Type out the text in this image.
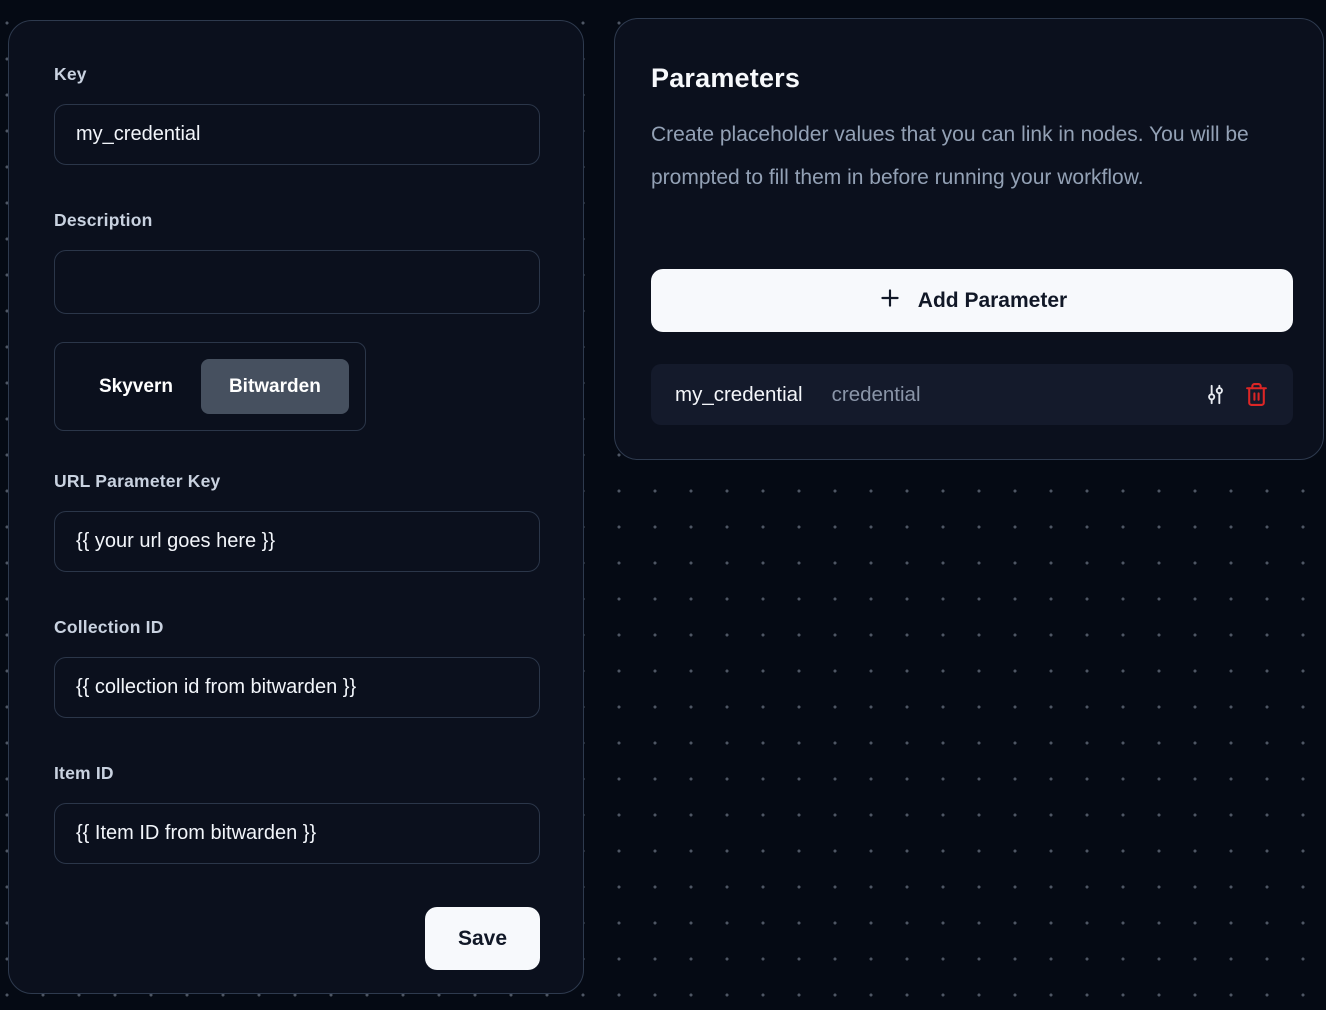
Key
my_credential
Description
Skyvern	Bitwarden
URL Parameter Key
{{ your url goes here }}
Collection ID
{{ collection id from bitwarden }}
Item ID
{{ Item ID from bitwarden }}
Save
Parameters

Create placeholder values that you can link in nodes. You will be prompted to fill them in before running your workflow.

Add Parameter
my_credential credential
